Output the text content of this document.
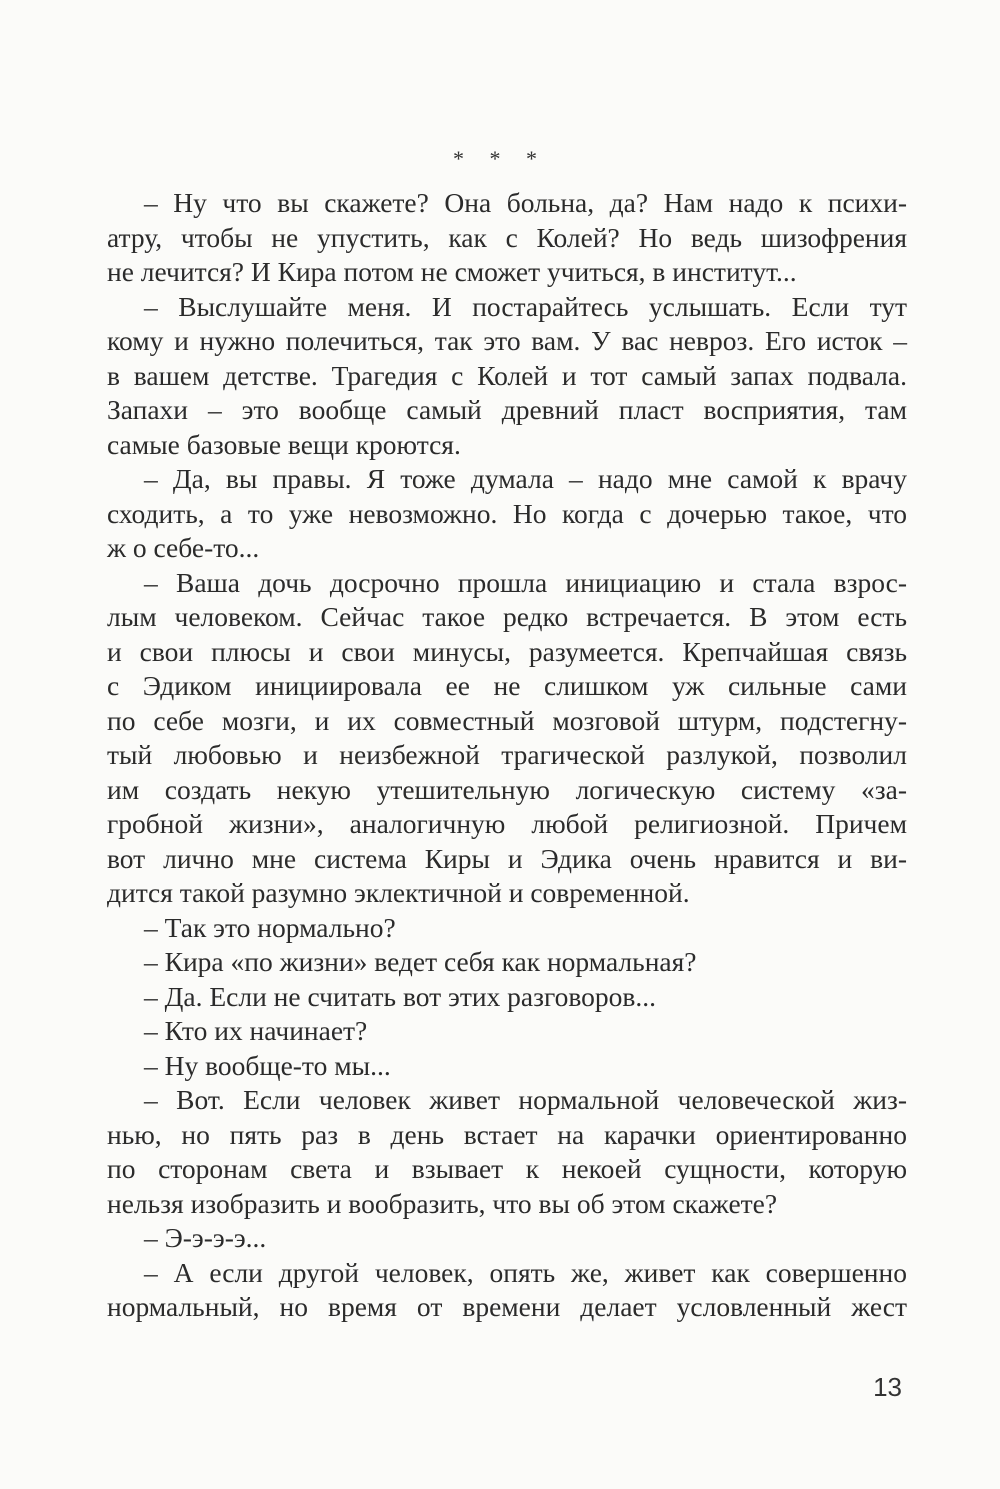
* * *
– Ну что вы скажете? Она больна, да? Нам надо к психи-
атру, чтобы не упустить, как с Колей? Но ведь шизофрения
не лечится? И Кира потом не сможет учиться, в институт...
– Выслушайте меня. И постарайтесь услышать. Если тут
кому и нужно полечиться, так это вам. У вас невроз. Его исток –
в вашем детстве. Трагедия с Колей и тот самый запах подвала.
Запахи – это вообще самый древний пласт восприятия, там
самые базовые вещи кроются.
– Да, вы правы. Я тоже думала – надо мне самой к врачу
сходить, а то уже невозможно. Но когда с дочерью такое, что
ж о себе-то...
– Ваша дочь досрочно прошла инициацию и стала взрос-
лым человеком. Сейчас такое редко встречается. В этом есть
и свои плюсы и свои минусы, разумеется. Крепчайшая связь
с Эдиком инициировала ее не слишком уж сильные сами
по себе мозги, и их совместный мозговой штурм, подстегну-
тый любовью и неизбежной трагической разлукой, позволил
им создать некую утешительную логическую систему «за-
гробной жизни», аналогичную любой религиозной. Причем
вот лично мне система Киры и Эдика очень нравится и ви-
дится такой разумно эклектичной и современной.
– Так это нормально?
– Кира «по жизни» ведет себя как нормальная?
– Да. Если не считать вот этих разговоров...
– Кто их начинает?
– Ну вообще-то мы...
– Вот. Если человек живет нормальной человеческой жиз-
нью, но пять раз в день встает на карачки ориентированно
по сторонам света и взывает к некоей сущности, которую
нельзя изобразить и вообразить, что вы об этом скажете?
– Э-э-э-э...
– А если другой человек, опять же, живет как совершенно
нормальный, но время от времени делает условленный жест
13
